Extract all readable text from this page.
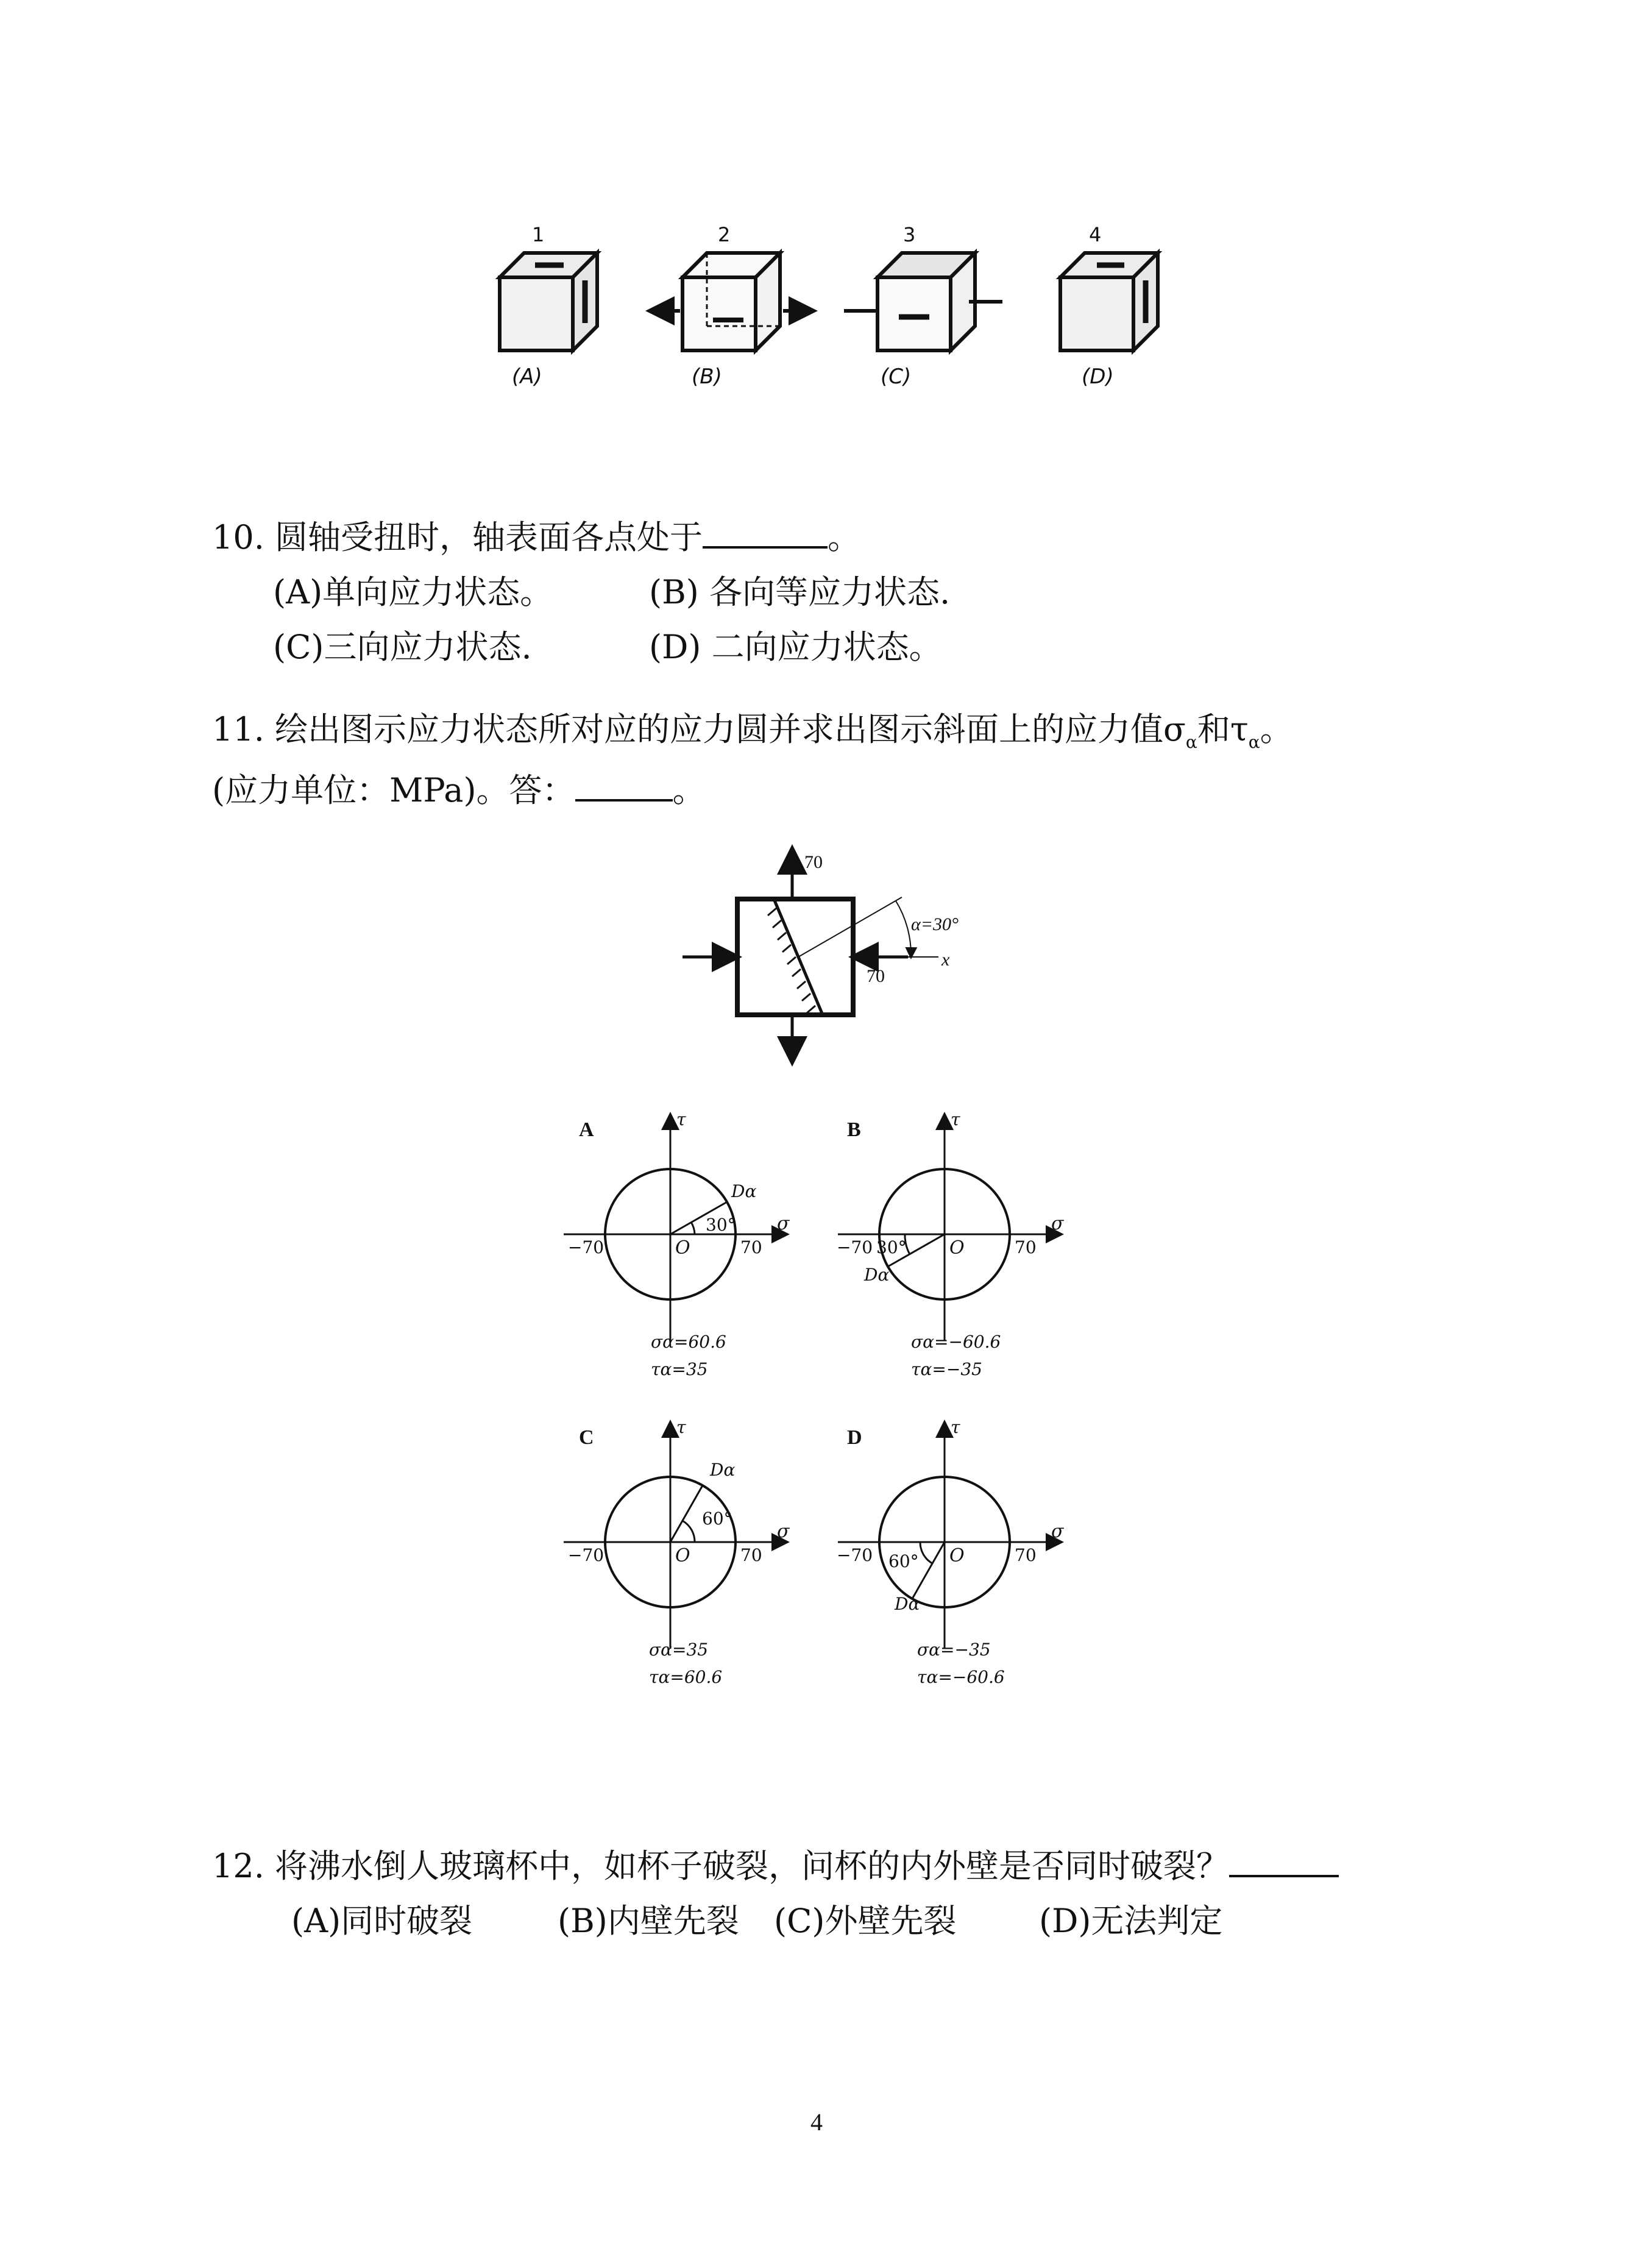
1	2	3	4
(A)	(B)	(C)	(D)
10. 圆轴受扭时，轴表面各点处于	。
(A)单向应力状态。	(B) 各向等应力状态.
(C)三向应力状态.	(D) 二向应力状态。
11. 绘出图示应力状态所对应的应力圆并求出图示斜面上的应力值$\sigma_\alpha$和$\tau_\alpha$。
(应力单位：MPa)。答：	。
70
70
α=30°
x
A	τ
σ
−70	70
O
30°
Dα
σα=60.6
τα=35
B	τ
σ
−70	70
O
30°
Dα
σα=−60.6
τα=−35
C	τ
σ
−70	70
O
60°
Dα
σα=35
τα=60.6
D	τ
σ
−70	70
O
60°
Dα
σα=−35
τα=−60.6
12. 将沸水倒人玻璃杯中，如杯子破裂，问杯的内外壁是否同时破裂？
(A)同时破裂	(B)内壁先裂 (C)外壁先裂	(D)无法判定
4
